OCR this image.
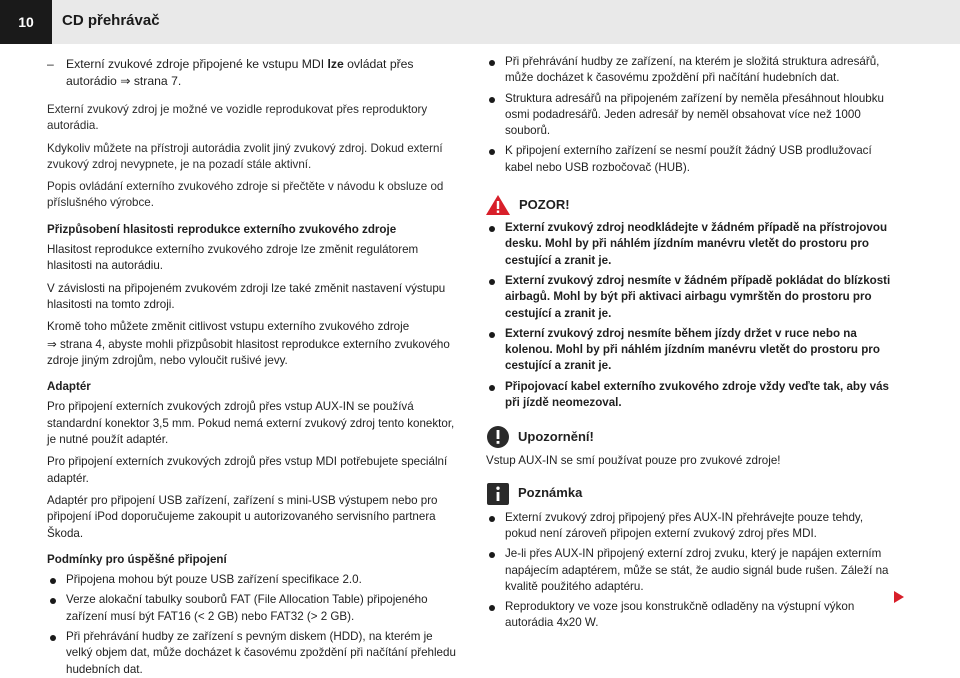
10	CD přehrávač
– Externí zvukové zdroje připojené ke vstupu MDI lze ovládat přes autorádio ⇒ strana 7.

Externí zvukový zdroj je možné ve vozidle reprodukovat přes reproduktory autorádia.

Kdykoliv můžete na přístroji autorádia zvolit jiný zvukový zdroj. Dokud externí zvukový zdroj nevypnete, je na pozadí stále aktivní.

Popis ovládání externího zvukového zdroje si přečtěte v návodu k obsluze od příslušného výrobce.

Přizpůsobení hlasitosti reprodukce externího zvukového zdroje

Hlasitost reprodukce externího zvukového zdroje lze změnit regulátorem hlasitosti na autorádiu.

V závislosti na připojeném zvukovém zdroji lze také změnit nastavení výstupu hlasitosti na tomto zdroji.

Kromě toho můžete změnit citlivost vstupu externího zvukového zdroje
⇒ strana 4, abyste mohli přizpůsobit hlasitost reprodukce externího zvukového zdroje jiným zdrojům, nebo vyloučit rušivé jevy.

Adaptér

Pro připojení externích zvukových zdrojů přes vstup AUX-IN se používá standardní konektor 3,5 mm. Pokud nemá externí zvukový zdroj tento konektor, je nutné použít adaptér.

Pro připojení externích zvukových zdrojů přes vstup MDI potřebujete speciální adaptér.

Adaptér pro připojení USB zařízení, zařízení s mini-USB výstupem nebo pro připojení iPod doporučujeme zakoupit u autorizovaného servisního partnera Škoda.

Podmínky pro úspěšné připojení

Připojena mohou být pouze USB zařízení specifikace 2.0.

Verze alokační tabulky souborů FAT (File Allocation Table) připojeného zařízení musí být FAT16 (< 2 GB) nebo FAT32 (> 2 GB).

Při přehrávání hudby ze zařízení s pevným diskem (HDD), na kterém je velký objem dat, může docházet k časovému zpoždění při načítání přehledu hudebních dat.

Při přehrávání hudby ze zařízení, na kterém je složitá struktura adresářů, může docházet k časovému zpoždění při načítání hudebních dat.

Struktura adresářů na připojeném zařízení by neměla přesáhnout hloubku osmi podadresářů. Jeden adresář by neměl obsahovat více než 1000 souborů.

K připojení externího zařízení se nesmí použít žádný USB prodlužovací kabel nebo USB rozbočovač (HUB).

POZOR!

Externí zvukový zdroj neodkládejte v žádném případě na přístrojovou desku. Mohl by při náhlém jízdním manévru vletět do prostoru pro cestující a zranit je.

Externí zvukový zdroj nesmíte v žádném případě pokládat do blízkosti airbagů. Mohl by být při aktivaci airbagu vymrštěn do prostoru pro cestující a zranit je.

Externí zvukový zdroj nesmíte během jízdy držet v ruce nebo na kolenou. Mohl by při náhlém jízdním manévru vletět do prostoru pro cestující a zranit je.

Připojovací kabel externího zvukového zdroje vždy veďte tak, aby vás při jízdě neomezoval.

Upozornění!

Vstup AUX-IN se smí používat pouze pro zvukové zdroje!

Poznámka

Externí zvukový zdroj připojený přes AUX-IN přehrávejte pouze tehdy, pokud není zároveň připojen externí zvukový zdroj přes MDI.

Je-li přes AUX-IN připojený externí zdroj zvuku, který je napájen externím napájecím adaptérem, může se stát, že audio signál bude rušen. Záleží na kvalitě použitého adaptéru.

Reproduktory ve voze jsou konstrukčně odladěny na výstupní výkon autorádia 4x20 W.
